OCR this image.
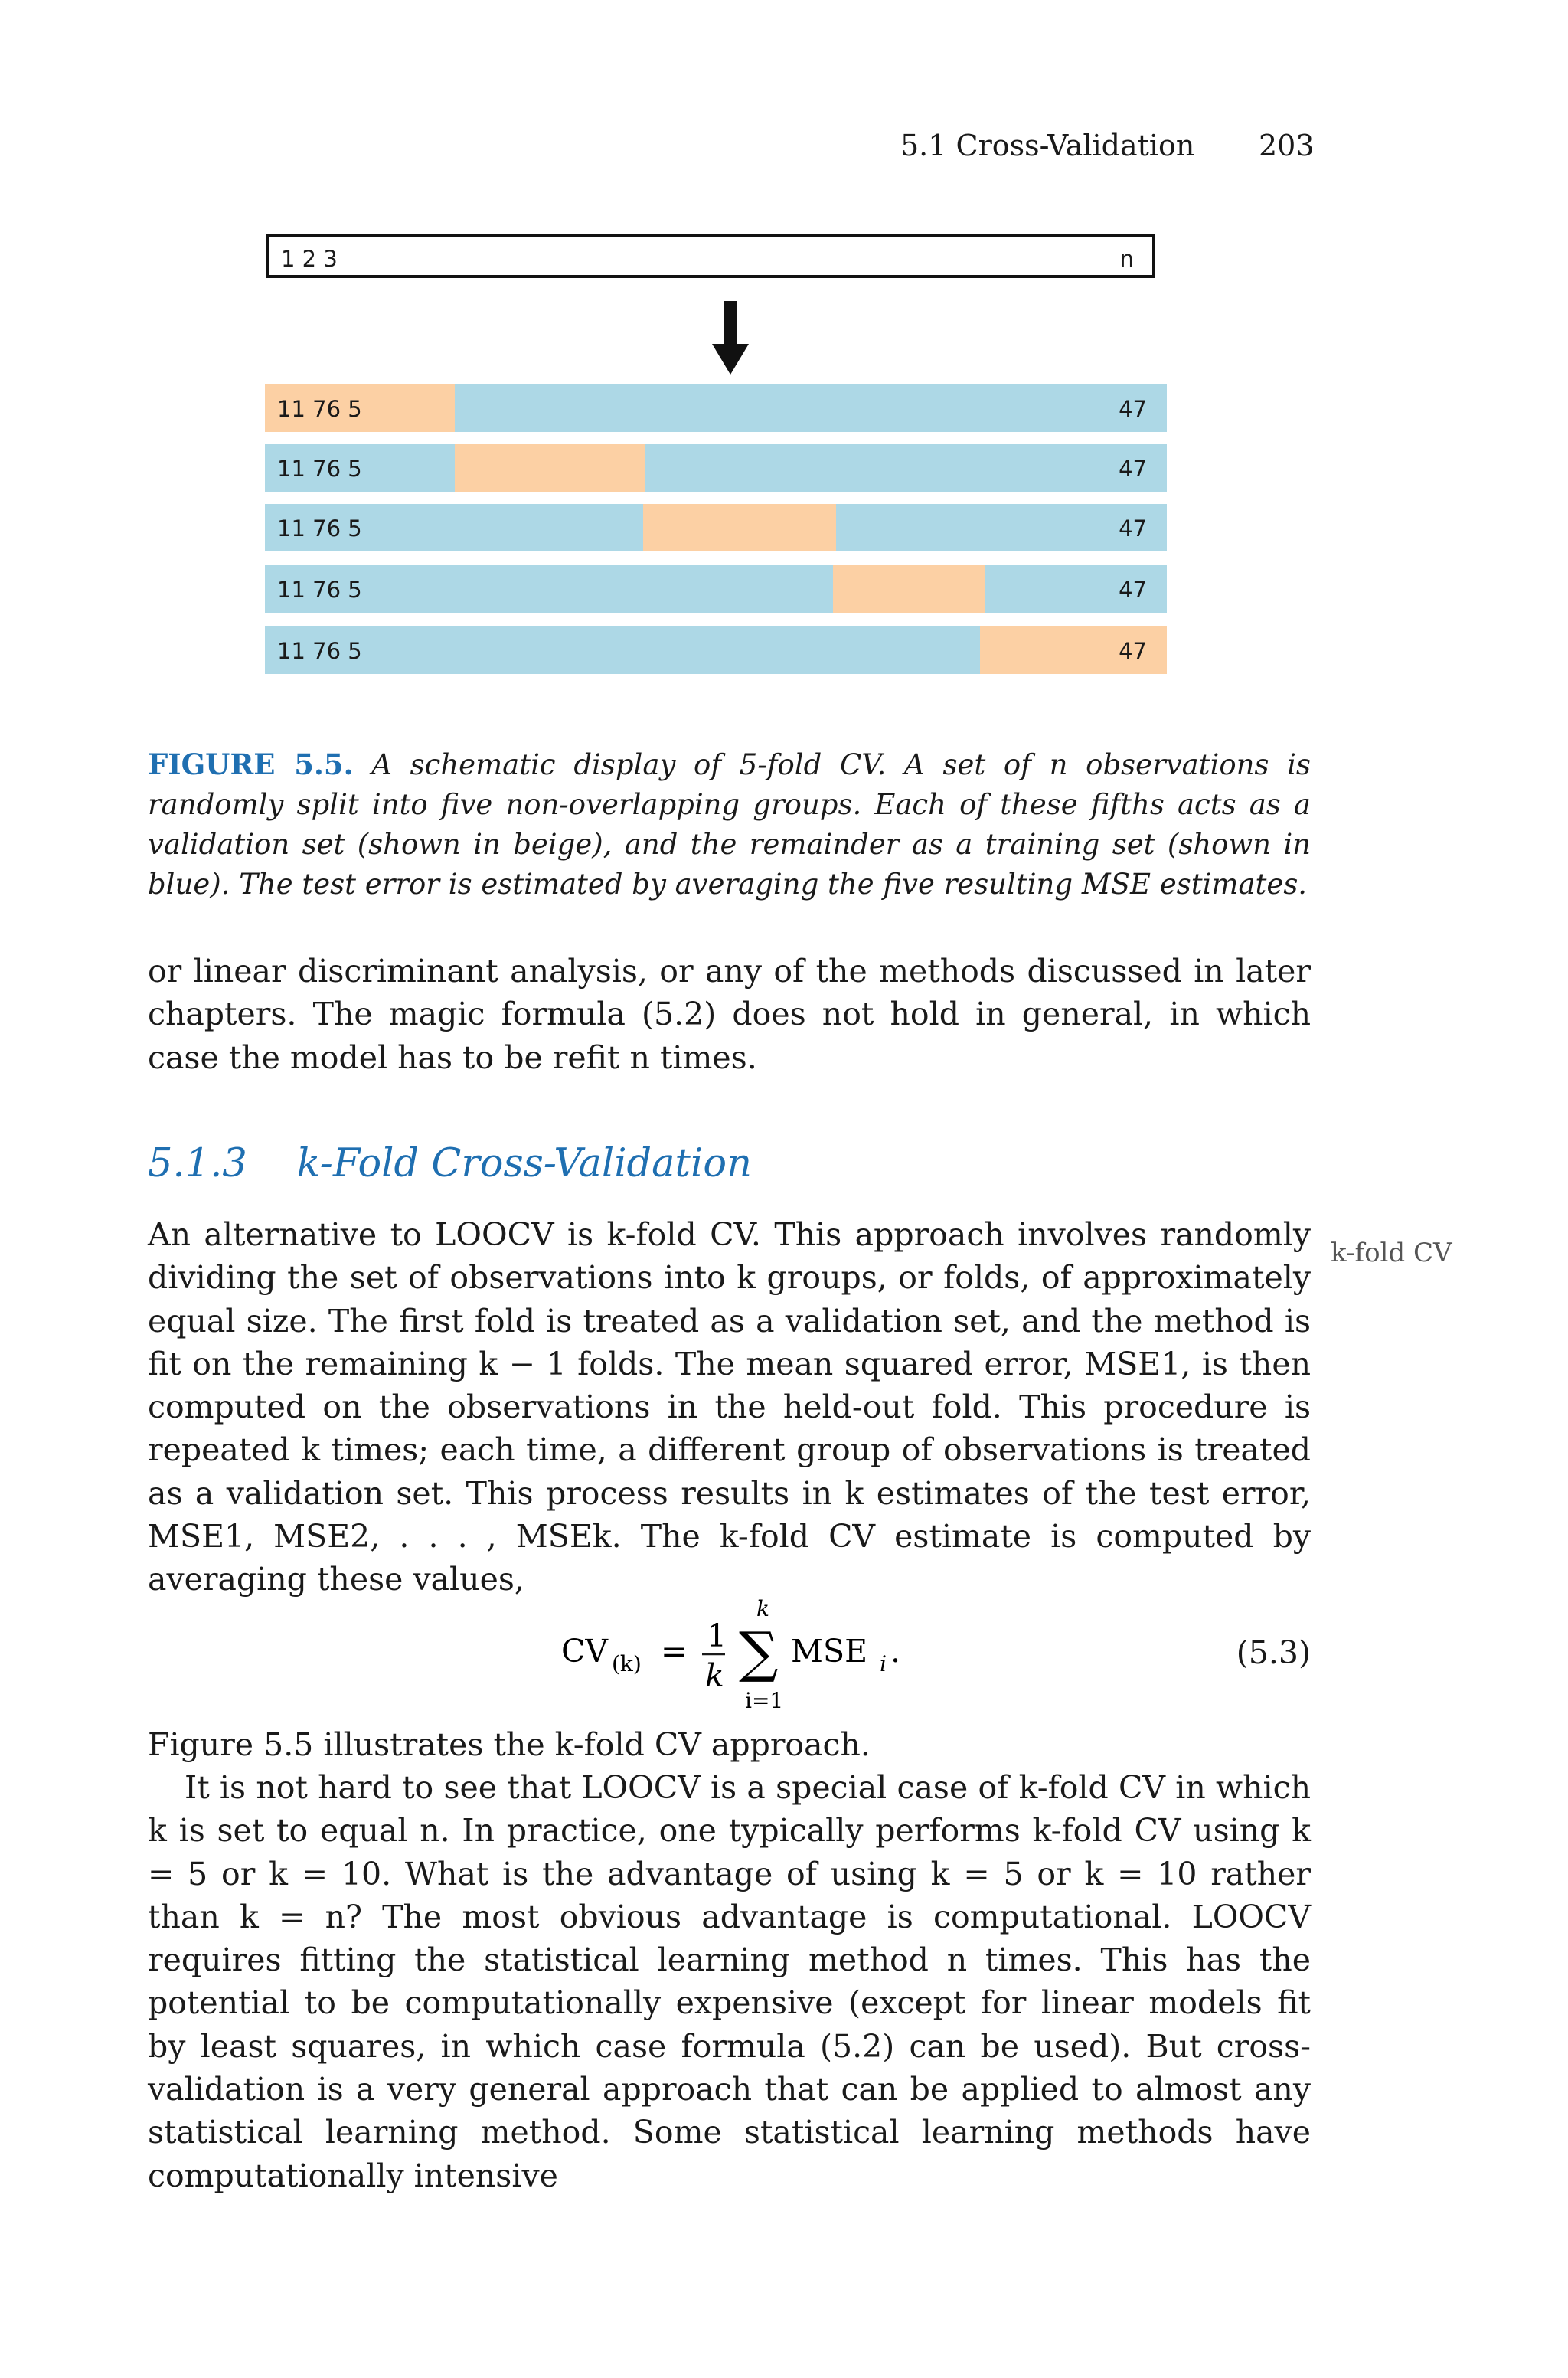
5.1 Cross-Validation 203
1 2 3	n
11 76 5	47
11 76 5	47
11 76 5	47
11 76 5	47
11 76 5	47
FIGURE 5.5. A schematic display of 5-fold CV. A set of n observations is randomly split into five non-overlapping groups. Each of these fifths acts as a validation set (shown in beige), and the remainder as a training set (shown in blue). The test error is estimated by averaging the five resulting MSE estimates.
or linear discriminant analysis, or any of the methods discussed in later chapters. The magic formula (5.2) does not hold in general, in which case the model has to be refit n times.
5.1.3 k-Fold Cross-Validation
k-fold CV
An alternative to LOOCV is k-fold CV. This approach involves randomly dividing the set of observations into k groups, or folds, of approximately equal size. The first fold is treated as a validation set, and the method is fit on the remaining k − 1 folds. The mean squared error, MSE1, is then computed on the observations in the held-out fold. This procedure is repeated k times; each time, a different group of observations is treated as a validation set. This process results in k estimates of the test error, MSE1, MSE2, . . . , MSEk. The k-fold CV estimate is computed by averaging these values,
CV (k) = 1
k
k
∑
i=1
MSE i .	(5.3)
Figure 5.5 illustrates the k-fold CV approach.
It is not hard to see that LOOCV is a special case of k-fold CV in which k is set to equal n. In practice, one typically performs k-fold CV using k = 5 or k = 10. What is the advantage of using k = 5 or k = 10 rather than k = n? The most obvious advantage is computational. LOOCV requires fitting the statistical learning method n times. This has the potential to be computationally expensive (except for linear models fit by least squares, in which case formula (5.2) can be used). But cross-validation is a very general approach that can be applied to almost any statistical learning method. Some statistical learning methods have computationally intensive
